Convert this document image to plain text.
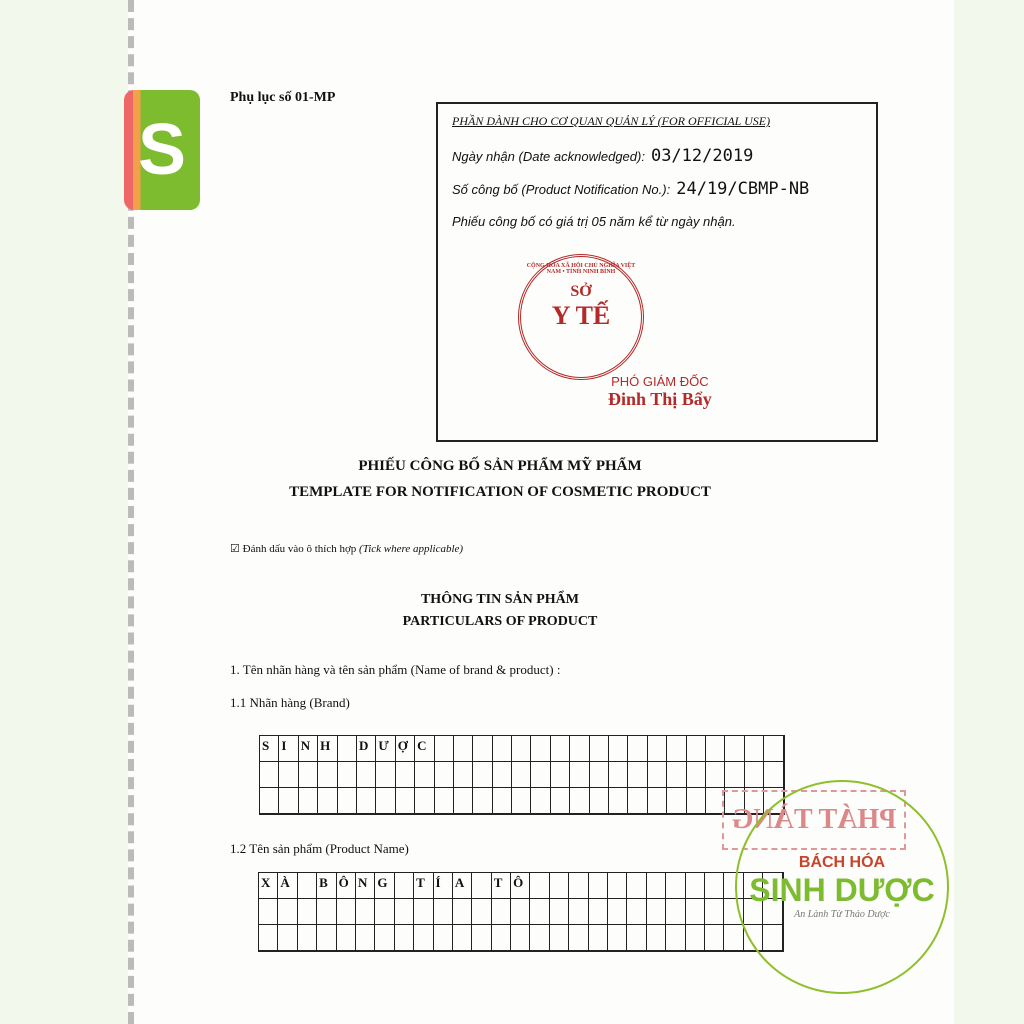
S
Phụ lục số 01-MP
PHẦN DÀNH CHO CƠ QUAN QUẢN LÝ (FOR OFFICIAL USE)
Ngày nhận (Date acknowledged): 03/12/2019
Số công bố (Product Notification No.): 24/19/CBMP-NB
Phiếu công bố có giá trị 05 năm kể từ ngày nhận.
CỘNG HÒA XÃ HỘI CHỦ NGHĨA VIỆT NAM • TỈNH NINH BÌNH
SỞ
Y TẾ
PHÓ GIÁM ĐỐC
Đinh Thị Bẩy
PHIẾU CÔNG BỐ SẢN PHẨM MỸ PHẨM
TEMPLATE FOR NOTIFICATION OF COSMETIC PRODUCT
☑ Đánh dấu vào ô thích hợp (Tick where applicable)
THÔNG TIN SẢN PHẨM
PARTICULARS OF PRODUCT
1. Tên nhãn hàng và tên sản phẩm (Name of brand & product) :
1.1 Nhãn hàng (Brand)
S I	N H	D Ư Ợ C
1.2 Tên sản phẩm (Product Name)
X À	B Ô N G	T Í	A	T Ô
PHÁT TÀNG
BÁCH HÓA
SINH DƯỢC
An Lành Từ Thảo Dược
